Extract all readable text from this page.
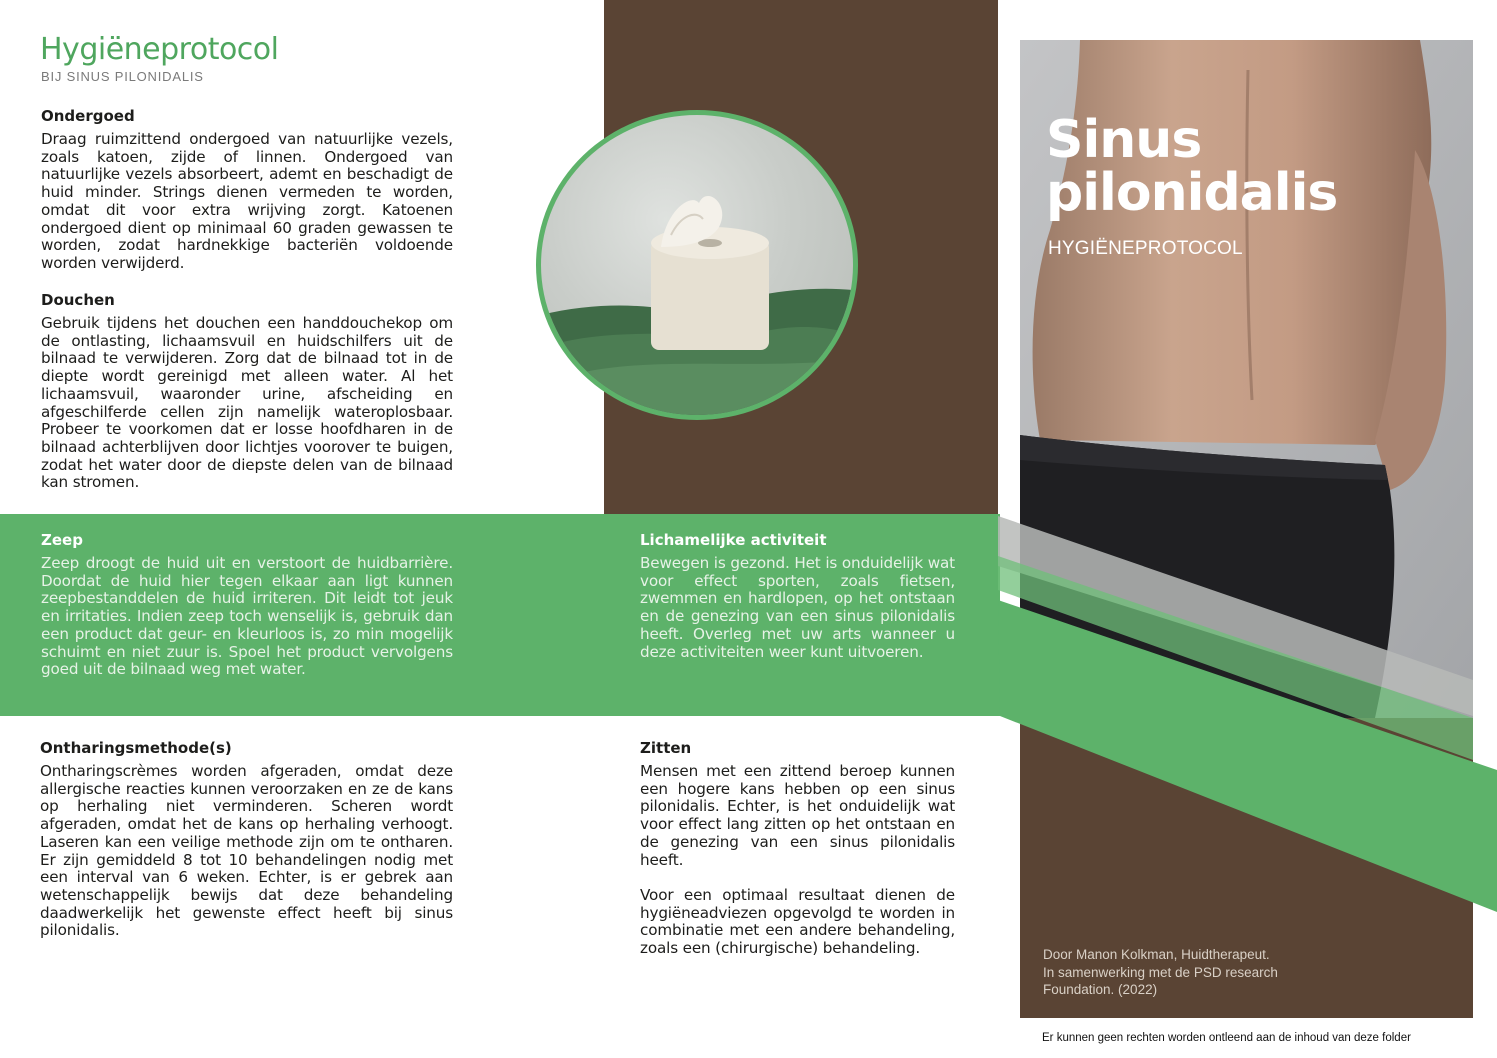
Hygiëneprotocol
BIJ SINUS PILONIDALIS
Ondergoed
Draag ruimzittend ondergoed van natuurlijke vezels, zoals katoen, zijde of linnen. Ondergoed van natuurlijke vezels absorbeert, ademt en beschadigt de huid minder. Strings dienen vermeden te worden, omdat dit voor extra wrijving zorgt. Katoenen ondergoed dient op minimaal 60 graden gewassen te worden, zodat hardnekkige bacteriën voldoende worden verwijderd.
Douchen
Gebruik tijdens het douchen een handdouchekop om de ontlasting, lichaamsvuil en huidschilfers uit de bilnaad te verwijderen. Zorg dat de bilnaad tot in de diepte wordt gereinigd met alleen water. Al het lichaamsvuil, waaronder urine, afscheiding en afgeschilferde cellen zijn namelijk wateroplosbaar. Probeer te voorkomen dat er losse hoofdharen in de bilnaad achterblijven door lichtjes voorover te buigen, zodat het water door de diepste delen van de bilnaad kan stromen.
Zeep
Zeep droogt de huid uit en verstoort de huidbarrière. Doordat de huid hier tegen elkaar aan ligt kunnen zeepbestanddelen de huid irriteren. Dit leidt tot jeuk en irritaties. Indien zeep toch wenselijk is, gebruik dan een product dat geur- en kleurloos is, zo min mogelijk schuimt en niet zuur is. Spoel het product vervolgens goed uit de bilnaad weg met water.
Lichamelijke activiteit
Bewegen is gezond. Het is onduidelijk wat voor effect sporten, zoals fietsen, zwemmen en hardlopen, op het ontstaan en de genezing van een sinus pilonidalis heeft. Overleg met uw arts wanneer u deze activiteiten weer kunt uitvoeren.
Ontharingsmethode(s)
Ontharingscrèmes worden afgeraden, omdat deze allergische reacties kunnen veroorzaken en ze de kans op herhaling niet verminderen. Scheren wordt afgeraden, omdat het de kans op herhaling verhoogt. Laseren kan een veilige methode zijn om te ontharen. Er zijn gemiddeld 8 tot 10 behandelingen nodig met een interval van 6 weken. Echter, is er gebrek aan wetenschappelijk bewijs dat deze behandeling daadwerkelijk het gewenste effect heeft bij sinus pilonidalis.
Zitten
Mensen met een zittend beroep kunnen een hogere kans hebben op een sinus pilonidalis. Echter, is het onduidelijk wat voor effect lang zitten op het ontstaan en de genezing van een sinus pilonidalis heeft.
Voor een optimaal resultaat dienen de hygiëneadviezen opgevolgd te worden in combinatie met een andere behandeling, zoals een (chirurgische) behandeling.
Sinus
pilonidalis
HYGIËNEPROTOCOL
Door Manon Kolkman, Huidtherapeut.
In samenwerking met de PSD research
Foundation. (2022)
Er kunnen geen rechten worden ontleend aan de inhoud van deze folder
